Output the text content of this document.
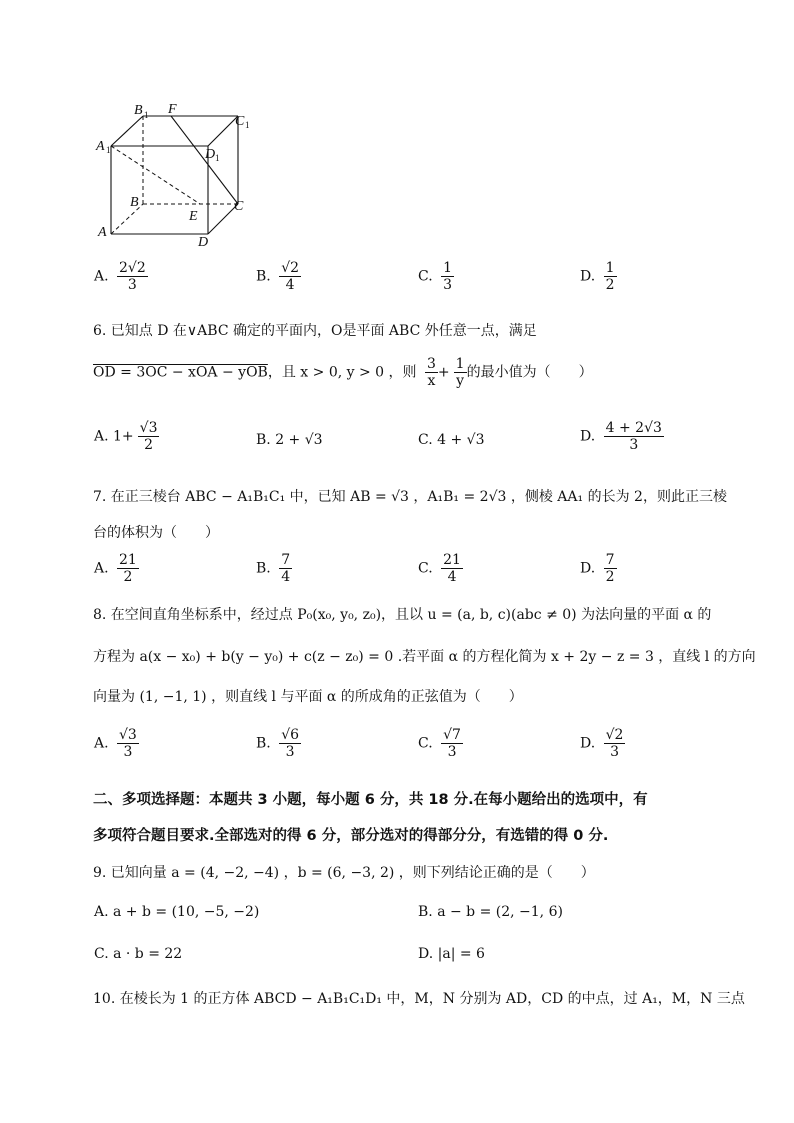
B 1 F
C 1
A 1	D 1
B
E
C
A
D
A. $\frac{2√2}{3}$	B. $\frac{√2}{4}$	C. $\frac{1}{3}$	D. $\frac{1}{2}$
6. 已知点 D 在∨ABC 确定的平面内，O是平面 ABC 外任意一点，满足
OD = 3OC − xOA − yOB，且 x > 0, y > 0 ，则 $\frac{3}{x} + \frac{1}{y}$ 的最小值为（　　）
A. $1+ \frac{√3}{2}$	B. 2 + √3	C. 4 + √3	D. $\frac{4 + 2√3}{3}$
7. 在正三棱台 ABC − A₁B₁C₁ 中，已知 AB = √3 ，A₁B₁ = 2√3 ，侧棱 AA₁ 的长为 2，则此正三棱
台的体积为（　　）
A. $\frac{21}{2}$	B. $\frac{7}{4}$	C. $\frac{21}{4}$	D. $\frac{7}{2}$
8. 在空间直角坐标系中，经过点 P₀(x₀, y₀, z₀)，且以 u = (a, b, c)(abc ≠ 0) 为法向量的平面 α 的
方程为 a(x − x₀) + b(y − y₀) + c(z − z₀) = 0 .若平面 α 的方程化简为 x + 2y − z = 3 ，直线 l 的方向
向量为 (1, −1, 1) ，则直线 l 与平面 α 的所成角的正弦值为（　　）
A. $\frac{√3}{3}$	B. $\frac{√6}{3}$	C. $\frac{√7}{3}$	D. $\frac{√2}{3}$
二、多项选择题：本题共 3 小题，每小题 6 分，共 18 分.在每小题给出的选项中，有
多项符合题目要求.全部选对的得 6 分，部分选对的得部分分，有选错的得 0 分.
9. 已知向量 a = (4, −2, −4) ，b = (6, −3, 2) ，则下列结论正确的是（　　）
A. a + b = (10, −5, −2)	B. a − b = (2, −1, 6)
C. a · b = 22	D. |a| = 6
10. 在棱长为 1 的正方体 ABCD − A₁B₁C₁D₁ 中，M，N 分别为 AD，CD 的中点，过 A₁，M，N 三点
